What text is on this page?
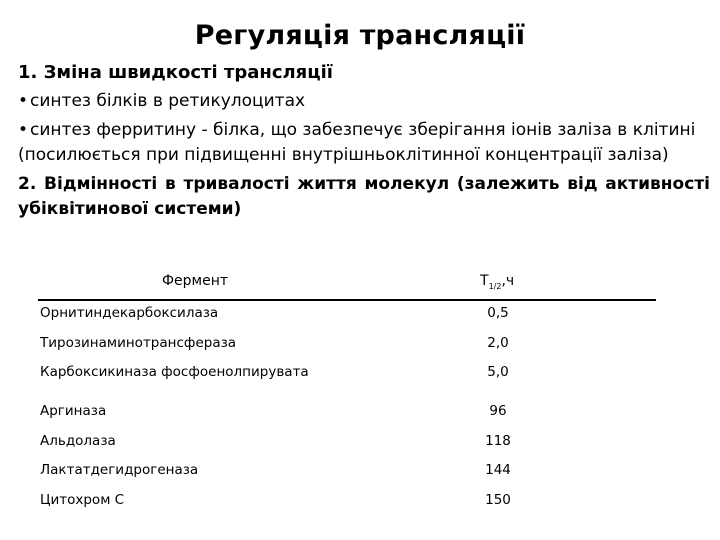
Регуляція трансляції

1. Зміна швидкості трансляції

• синтез білків в ретикулоцитах

• синтез ферритину - білка, що забезпечує зберігання іонів заліза в клітині (посилюється при підвищенні внутрішньоклітинної концентрації заліза)

2. Відмінності в тривалості життя молекул (залежить від активності убіквітинової системи)

Фермент	$Т_{1/2},ч$
Орнитиндекарбоксилаза	0,5
Тирозинаминотрансфераза	2,0
Карбоксикиназа фосфоенолпирувата	5,0
Аргиназа	96
Альдолаза	118
Лактатдегидрогеназа	144
Цитохром С	150
